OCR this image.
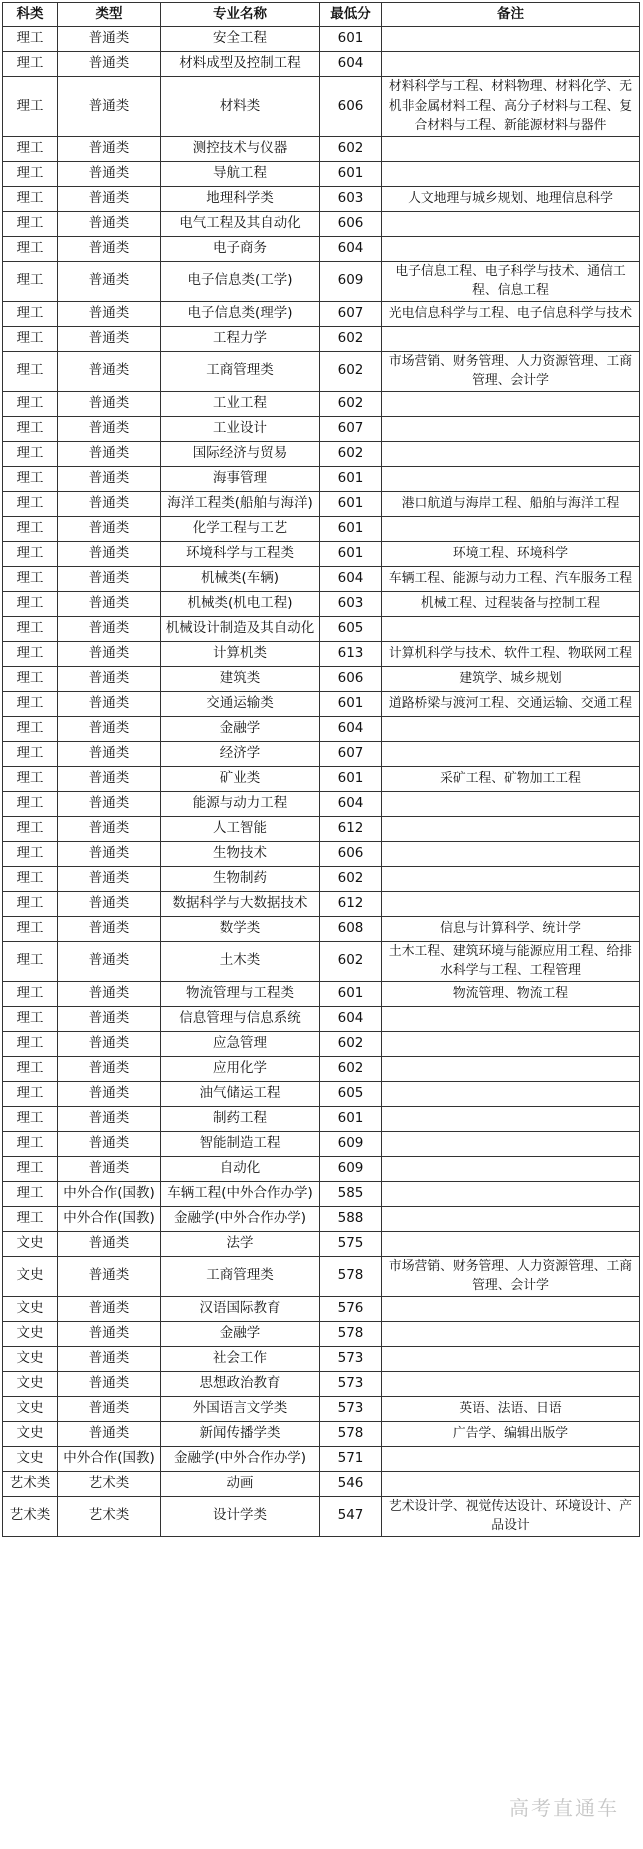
科类	类型	专业名称	最低分	备注
理工	普通类	安全工程	601	
理工	普通类	材料成型及控制工程	604	
理工	普通类	材料类	606	材料科学与工程、材料物理、材料化学、无机非金属材料工程、高分子材料与工程、复合材料与工程、新能源材料与器件
理工	普通类	测控技术与仪器	602	
理工	普通类	导航工程	601	
理工	普通类	地理科学类	603	人文地理与城乡规划、地理信息科学
理工	普通类	电气工程及其自动化	606	
理工	普通类	电子商务	604	
理工	普通类	电子信息类(工学)	609	电子信息工程、电子科学与技术、通信工程、信息工程
理工	普通类	电子信息类(理学)	607	光电信息科学与工程、电子信息科学与技术
理工	普通类	工程力学	602	
理工	普通类	工商管理类	602	市场营销、财务管理、人力资源管理、工商管理、会计学
理工	普通类	工业工程	602	
理工	普通类	工业设计	607	
理工	普通类	国际经济与贸易	602	
理工	普通类	海事管理	601	
理工	普通类	海洋工程类(船舶与海洋)	601	港口航道与海岸工程、船舶与海洋工程
理工	普通类	化学工程与工艺	601	
理工	普通类	环境科学与工程类	601	环境工程、环境科学
理工	普通类	机械类(车辆)	604	车辆工程、能源与动力工程、汽车服务工程
理工	普通类	机械类(机电工程)	603	机械工程、过程装备与控制工程
理工	普通类	机械设计制造及其自动化	605	
理工	普通类	计算机类	613	计算机科学与技术、软件工程、物联网工程
理工	普通类	建筑类	606	建筑学、城乡规划
理工	普通类	交通运输类	601	道路桥梁与渡河工程、交通运输、交通工程
理工	普通类	金融学	604	
理工	普通类	经济学	607	
理工	普通类	矿业类	601	采矿工程、矿物加工工程
理工	普通类	能源与动力工程	604	
理工	普通类	人工智能	612	
理工	普通类	生物技术	606	
理工	普通类	生物制药	602	
理工	普通类	数据科学与大数据技术	612	
理工	普通类	数学类	608	信息与计算科学、统计学
理工	普通类	土木类	602	土木工程、建筑环境与能源应用工程、给排水科学与工程、工程管理
理工	普通类	物流管理与工程类	601	物流管理、物流工程
理工	普通类	信息管理与信息系统	604	
理工	普通类	应急管理	602	
理工	普通类	应用化学	602	
理工	普通类	油气储运工程	605	
理工	普通类	制药工程	601	
理工	普通类	智能制造工程	609	
理工	普通类	自动化	609	
理工	中外合作(国教)	车辆工程(中外合作办学)	585	
理工	中外合作(国教)	金融学(中外合作办学)	588	
文史	普通类	法学	575	
文史	普通类	工商管理类	578	市场营销、财务管理、人力资源管理、工商管理、会计学
文史	普通类	汉语国际教育	576	
文史	普通类	金融学	578	
文史	普通类	社会工作	573	
文史	普通类	思想政治教育	573	
文史	普通类	外国语言文学类	573	英语、法语、日语
文史	普通类	新闻传播学类	578	广告学、编辑出版学
文史	中外合作(国教)	金融学(中外合作办学)	571	
艺术类	艺术类	动画	546	
艺术类	艺术类	设计学类	547	艺术设计学、视觉传达设计、环境设计、产品设计
高考直通车
